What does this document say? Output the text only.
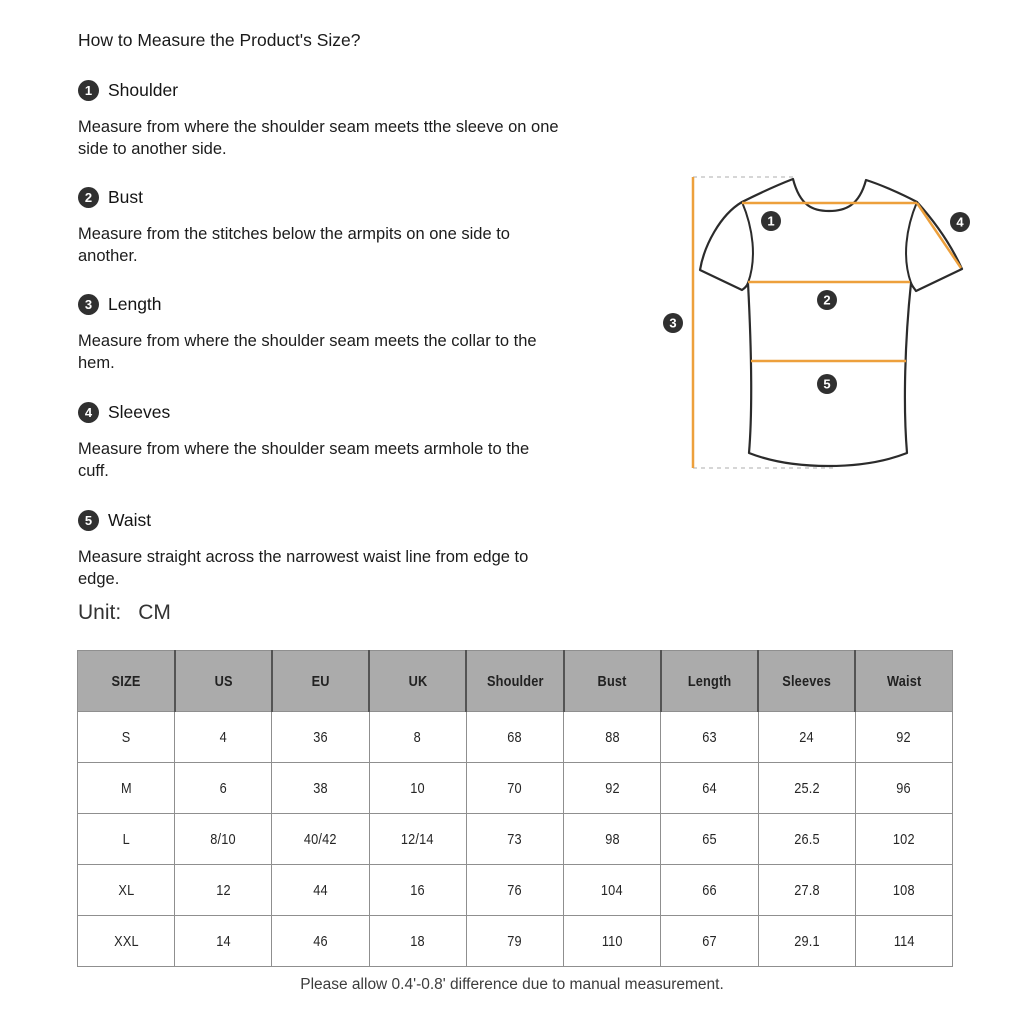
How to Measure the Product's Size?
1 Shoulder
Measure from where the shoulder seam meets tthe sleeve on one
side to another side.
2 Bust
Measure from the stitches below the armpits on one side to
another.
3 Length
Measure from where the shoulder seam meets the collar to the
hem.
4 Sleeves
Measure from where the shoulder seam meets armhole to the
cuff.
5 Waist
Measure straight across the narrowest waist line from edge to
edge.
Unit: CM
1
2
3
4
5
SIZE	US	EU	UK	Shoulder	Bust	Length	Sleeves	Waist
S	4	36	8	68	88	63	24	92
M	6	38	10	70	92	64	25.2	96
L	8/10	40/42	12/14	73	98	65	26.5	102
XL	12	44	16	76	104	66	27.8	108
XXL	14	46	18	79	110	67	29.1	114
Please allow 0.4'-0.8' difference due to manual measurement.
